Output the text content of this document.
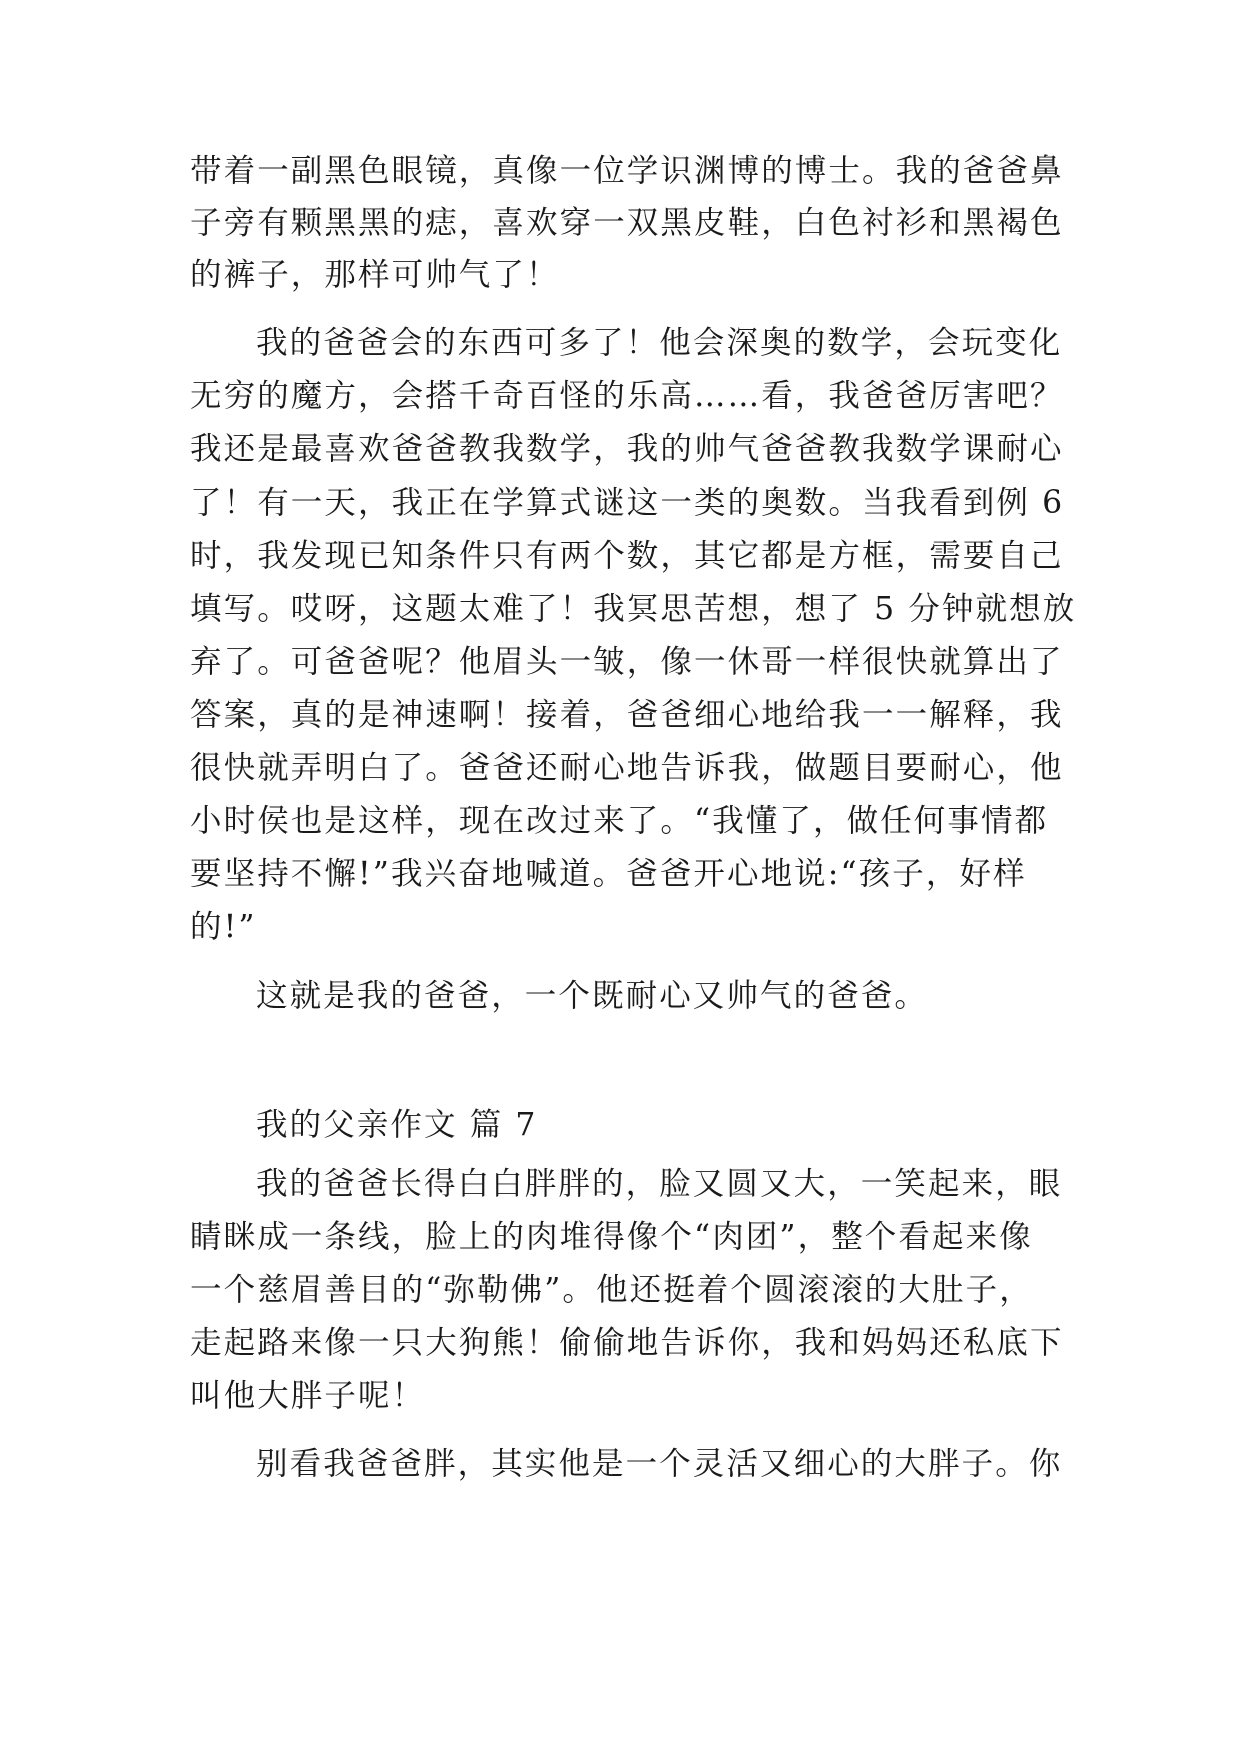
带着一副黑色眼镜，真像一位学识渊博的博士。我的爸爸鼻
子旁有颗黑黑的痣，喜欢穿一双黑皮鞋，白色衬衫和黑褐色
的裤子，那样可帅气了！
我的爸爸会的东西可多了！他会深奥的数学，会玩变化
无穷的魔方，会搭千奇百怪的乐高……看，我爸爸厉害吧？
我还是最喜欢爸爸教我数学，我的帅气爸爸教我数学课耐心
了！有一天，我正在学算式谜这一类的奥数。当我看到例 6
时，我发现已知条件只有两个数，其它都是方框，需要自己
填写。哎呀，这题太难了！我冥思苦想，想了 5 分钟就想放
弃了。可爸爸呢？他眉头一皱，像一休哥一样很快就算出了
答案，真的是神速啊！接着，爸爸细心地给我一一解释，我
很快就弄明白了。爸爸还耐心地告诉我，做题目要耐心，他
小时侯也是这样，现在改过来了。“我懂了，做任何事情都
要坚持不懈!”我兴奋地喊道。爸爸开心地说:“孩子，好样
的!”
这就是我的爸爸，一个既耐心又帅气的爸爸。
我的父亲作文 篇 7
我的爸爸长得白白胖胖的，脸又圆又大，一笑起来，眼
睛眯成一条线，脸上的肉堆得像个“肉团”，整个看起来像
一个慈眉善目的“弥勒佛”。他还挺着个圆滚滚的大肚子，
走起路来像一只大狗熊！偷偷地告诉你，我和妈妈还私底下
叫他大胖子呢！
别看我爸爸胖，其实他是一个灵活又细心的大胖子。你
